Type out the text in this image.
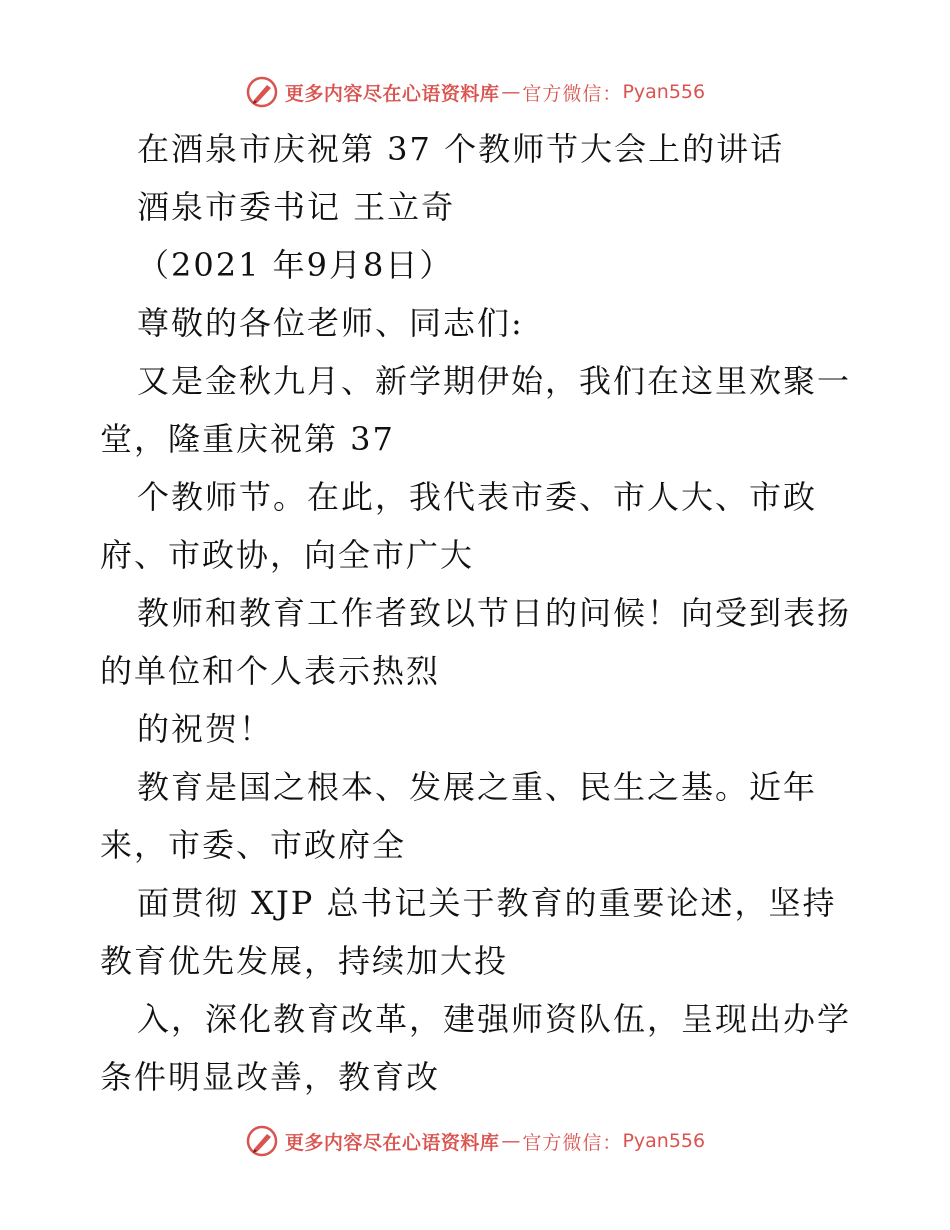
更多内容尽在心语资料库 — 官方微信： Pyan556
在酒泉市庆祝第 37 个教师节大会上的讲话
酒泉市委书记 王立奇
（2021 年9月8日）
尊敬的各位老师、同志们:
又是金秋九月、新学期伊始，我们在这里欢聚一
堂，隆重庆祝第 37
个教师节。在此，我代表市委、市人大、市政
府、市政协，向全市广大
教师和教育工作者致以节日的问候！向受到表扬
的单位和个人表示热烈
的祝贺！
教育是国之根本、发展之重、民生之基。近年
来，市委、市政府全
面贯彻 XJP 总书记关于教育的重要论述，坚持
教育优先发展，持续加大投
入，深化教育改革，建强师资队伍，呈现出办学
条件明显改善，教育改
更多内容尽在心语资料库 — 官方微信： Pyan556
